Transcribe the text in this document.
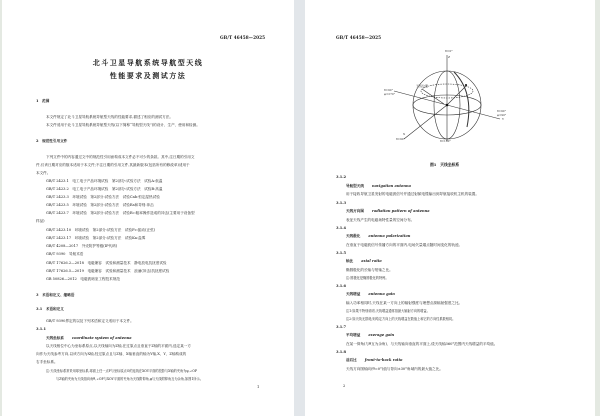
GB/T 46458—2025
北斗卫星导航系统导航型天线
性能要求及测试方法
1　范围
本文件规定了北斗卫星导航系统导航型天线的性能要求,描述了相应的测试方法。
本文件适用于北斗卫星导航系统导航型天线(以下简称“导航型天线”)的设计、生产、使用和检测。
2　规范性引用文件
下列文件中的内容通过文中的规范性引用而构成本文件必不可少的条款。其中,注日期的引用文
件,仅该日期对应的版本适用于本文件;不注日期的引用文件,其最新版本(包括所有的修改单)适用于
本文件。
GB/T 2423.1　电工电子产品环境试验　第2部分:试验方法　试验A:低温
GB/T 2423.2　电工电子产品环境试验　第2部分:试验方法　试验B:高温
GB/T 2423.3　环境试验　第2部分:试验方法　试验Cab:恒定湿热试验
GB/T 2423.5　环境试验　第2部分:试验方法　试验Ea和导则:冲击
GB/T 2423.7　环境试验　第2部分:试验方法　试验Ec:粗率操作造成的冲击(主要用于设备型
样品)
GB/T 2423.10　环境试验　第2部分:试验方法　试验Fc:振动(正弦)
GB/T 2423.17　环境试验　第2部分:试验方法　试验Ka:盐雾
GB/T 4208—2017　外壳防护等级(IP代码)
GB/T 9390　导航术语
GB/T 17626.2—2018　电磁兼容　试验和测量技术　静电放电抗扰度试验
GB/T 17626.5—2019　电磁兼容　试验和测量技术　浪涌(冲击)抗扰度试验
GB 50826—2012　电磁波暗室工程技术规范
3　术语和定义、缩略语
3.1　术语和定义
GB/T 9390界定的以及下列术语和定义适用于本文件。
3.1.1
天线坐标系 coordinate system of antenna
以天线相位中心为坐标系原点,以天线轴向为Z轴,在过原点且垂直于Z轴的平面内,选定某一方
向作为天线参考方向,以该方向为X轴,经过原点且与Z轴、X轴垂直的轴为Y轴,X、Y、Z轴构成的
右手坐标系。
注:天线坐标系常采用球坐标系,球面上任一点P与坐标原点O的连线在XOY平面的投影与X轴的夹角为φ,∠OP
与Z轴的夹角为天线指向角θ,∠OP与XOY平面的夹角为天线附仰角,φ与天线附仰角互为余角,如图1所示。
1
GB/T 46458—2025
图1　天线坐标系
3.1.2
导航型天线 navigation antenna
用于接收导航卫星发射的电磁波信号并通过射频电缆输出到导航接收机主机的装置。
3.1.3
天线方向图 radiation pattern of antenna
表征天线产生的电磁场特性量的空间分布。
3.1.4
天线极化 antenna polarization
在垂直于电磁波信号传播方向的平面内,电场矢量端点随时间变化的轨迹。
3.1.5
轴比 axial ratio
椭圆极化的长轴与短轴之比。
注:圆极化是椭圆极化的特例。
3.1.6
天线增益 antenna gain
输入功率相同时,天线在某一方向上的辐射强度与理想点源辐射强度之比。
注1:如果不特别说明,天线增益通常指最大辐射方向的增益。
注2:如天线无损耗,则给定方向上的天线增益在数值上和它的方向性系数相同。
3.1.7
平均增益 average gain
在某一仰角(与θ互为余角)、与天线轴向垂直的平面上,绕天线轴360°范围内天线增益的平均值。
3.1.8
前后比 front-to-back ratio
天线方向图轴向(θ=0°)值与背向±30°角域内的最大值之比。
2
θ=0°
Z
天线位置
θ=90°
φ=270°
Y
θ=90°
φ=90°
X
θ=90°	θ=180°
